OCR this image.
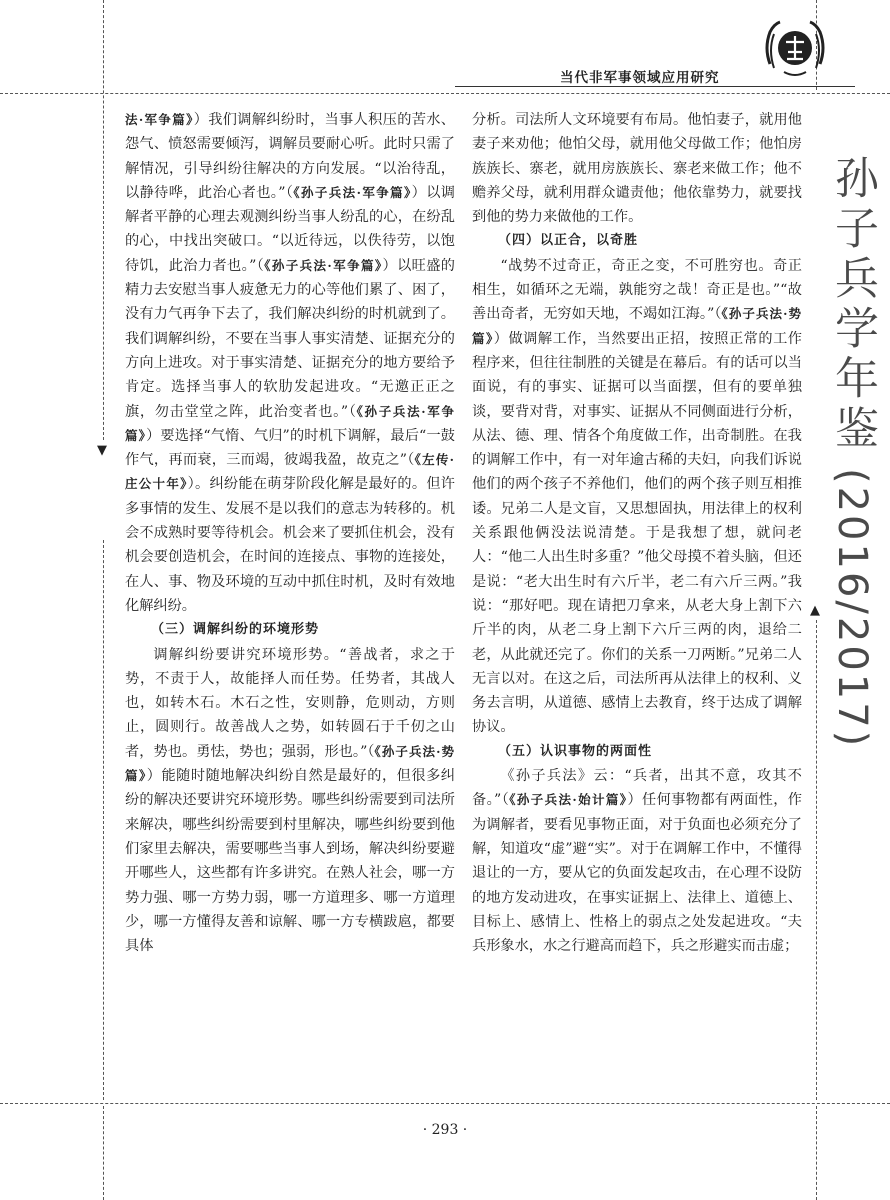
▼
▲
当代非军事领域应用研究
孙子兵学年鉴
(2016/2017)

法·军争篇》）我们调解纠纷时，当事人积压的苦水、怨气、愤怒需要倾泻，调解员要耐心听。此时只需了解情况，引导纠纷往解决的方向发展。“以治待乱，以静待哗，此治心者也。”（《孙子兵法·军争篇》）以调解者平静的心理去观测纠纷当事人纷乱的心，在纷乱的心，中找出突破口。“以近待远，以佚待劳，以饱待饥，此治力者也。”（《孙子兵法·军争篇》）以旺盛的精力去安慰当事人疲惫无力的心等他们累了、困了，没有力气再争下去了，我们解决纠纷的时机就到了。我们调解纠纷，不要在当事人事实清楚、证据充分的方向上进攻。对于事实清楚、证据充分的地方要给予肯定。选择当事人的软肋发起进攻。“无邀正正之旗，勿击堂堂之阵，此治变者也。”（《孙子兵法·军争篇》）要选择“气惰、气归”的时机下调解，最后“一鼓作气，再而衰，三而竭，彼竭我盈，故克之”（《左传·庄公十年》）。纠纷能在萌芽阶段化解是最好的。但许多事情的发生、发展不是以我们的意志为转移的。机会不成熟时要等待机会。机会来了要抓住机会，没有机会要创造机会，在时间的连接点、事物的连接处，在人、事、物及环境的互动中抓住时机，及时有效地化解纠纷。

（三）调解纠纷的环境形势

调解纠纷要讲究环境形势。“善战者，求之于势，不责于人，故能择人而任势。任势者，其战人也，如转木石。木石之性，安则静，危则动，方则止，圆则行。故善战人之势，如转圆石于千仞之山者，势也。勇怯，势也；强弱，形也。”（《孙子兵法·势篇》）能随时随地解决纠纷自然是最好的，但很多纠纷的解决还要讲究环境形势。哪些纠纷需要到司法所来解决，哪些纠纷需要到村里解决，哪些纠纷要到他们家里去解决，需要哪些当事人到场，解决纠纷要避开哪些人，这些都有许多讲究。在熟人社会，哪一方势力强、哪一方势力弱，哪一方道理多、哪一方道理少，哪一方懂得友善和谅解、哪一方专横跋扈，都要具体

分析。司法所人文环境要有布局。他怕妻子，就用他妻子来劝他；他怕父母，就用他父母做工作；他怕房族族长、寨老，就用房族族长、寨老来做工作；他不赡养父母，就利用群众谴责他；他依靠势力，就要找到他的势力来做他的工作。

（四）以正合，以奇胜

“战势不过奇正，奇正之变，不可胜穷也。奇正相生，如循环之无端，孰能穷之哉！奇正是也。”“故善出奇者，无穷如天地，不竭如江海。”（《孙子兵法·势篇》）做调解工作，当然要出正招，按照正常的工作程序来，但往往制胜的关键是在幕后。有的话可以当面说，有的事实、证据可以当面摆，但有的要单独谈，要背对背，对事实、证据从不同侧面进行分析，从法、德、理、情各个角度做工作，出奇制胜。在我的调解工作中，有一对年逾古稀的夫妇，向我们诉说他们的两个孩子不养他们，他们的两个孩子则互相推诿。兄弟二人是文盲，又思想固执，用法律上的权利关系跟他俩没法说清楚。于是我想了想，就问老人：“他二人出生时多重？”他父母摸不着头脑，但还是说：“老大出生时有六斤半，老二有六斤三两。”我说：“那好吧。现在请把刀拿来，从老大身上割下六斤半的肉，从老二身上割下六斤三两的肉，退给二老，从此就还完了。你们的关系一刀两断。”兄弟二人无言以对。在这之后，司法所再从法律上的权利、义务去言明，从道德、感情上去教育，终于达成了调解协议。

（五）认识事物的两面性

《孙子兵法》云：“兵者，出其不意，攻其不备。”（《孙子兵法·始计篇》）任何事物都有两面性，作为调解者，要看见事物正面，对于负面也必须充分了解，知道攻“虚”避“实”。对于在调解工作中，不懂得退让的一方，要从它的负面发起攻击，在心理不设防的地方发动进攻，在事实证据上、法律上、道德上、目标上、感情上、性格上的弱点之处发起进攻。“夫兵形象水，水之行避高而趋下，兵之形避实而击虚；

· 293 ·
